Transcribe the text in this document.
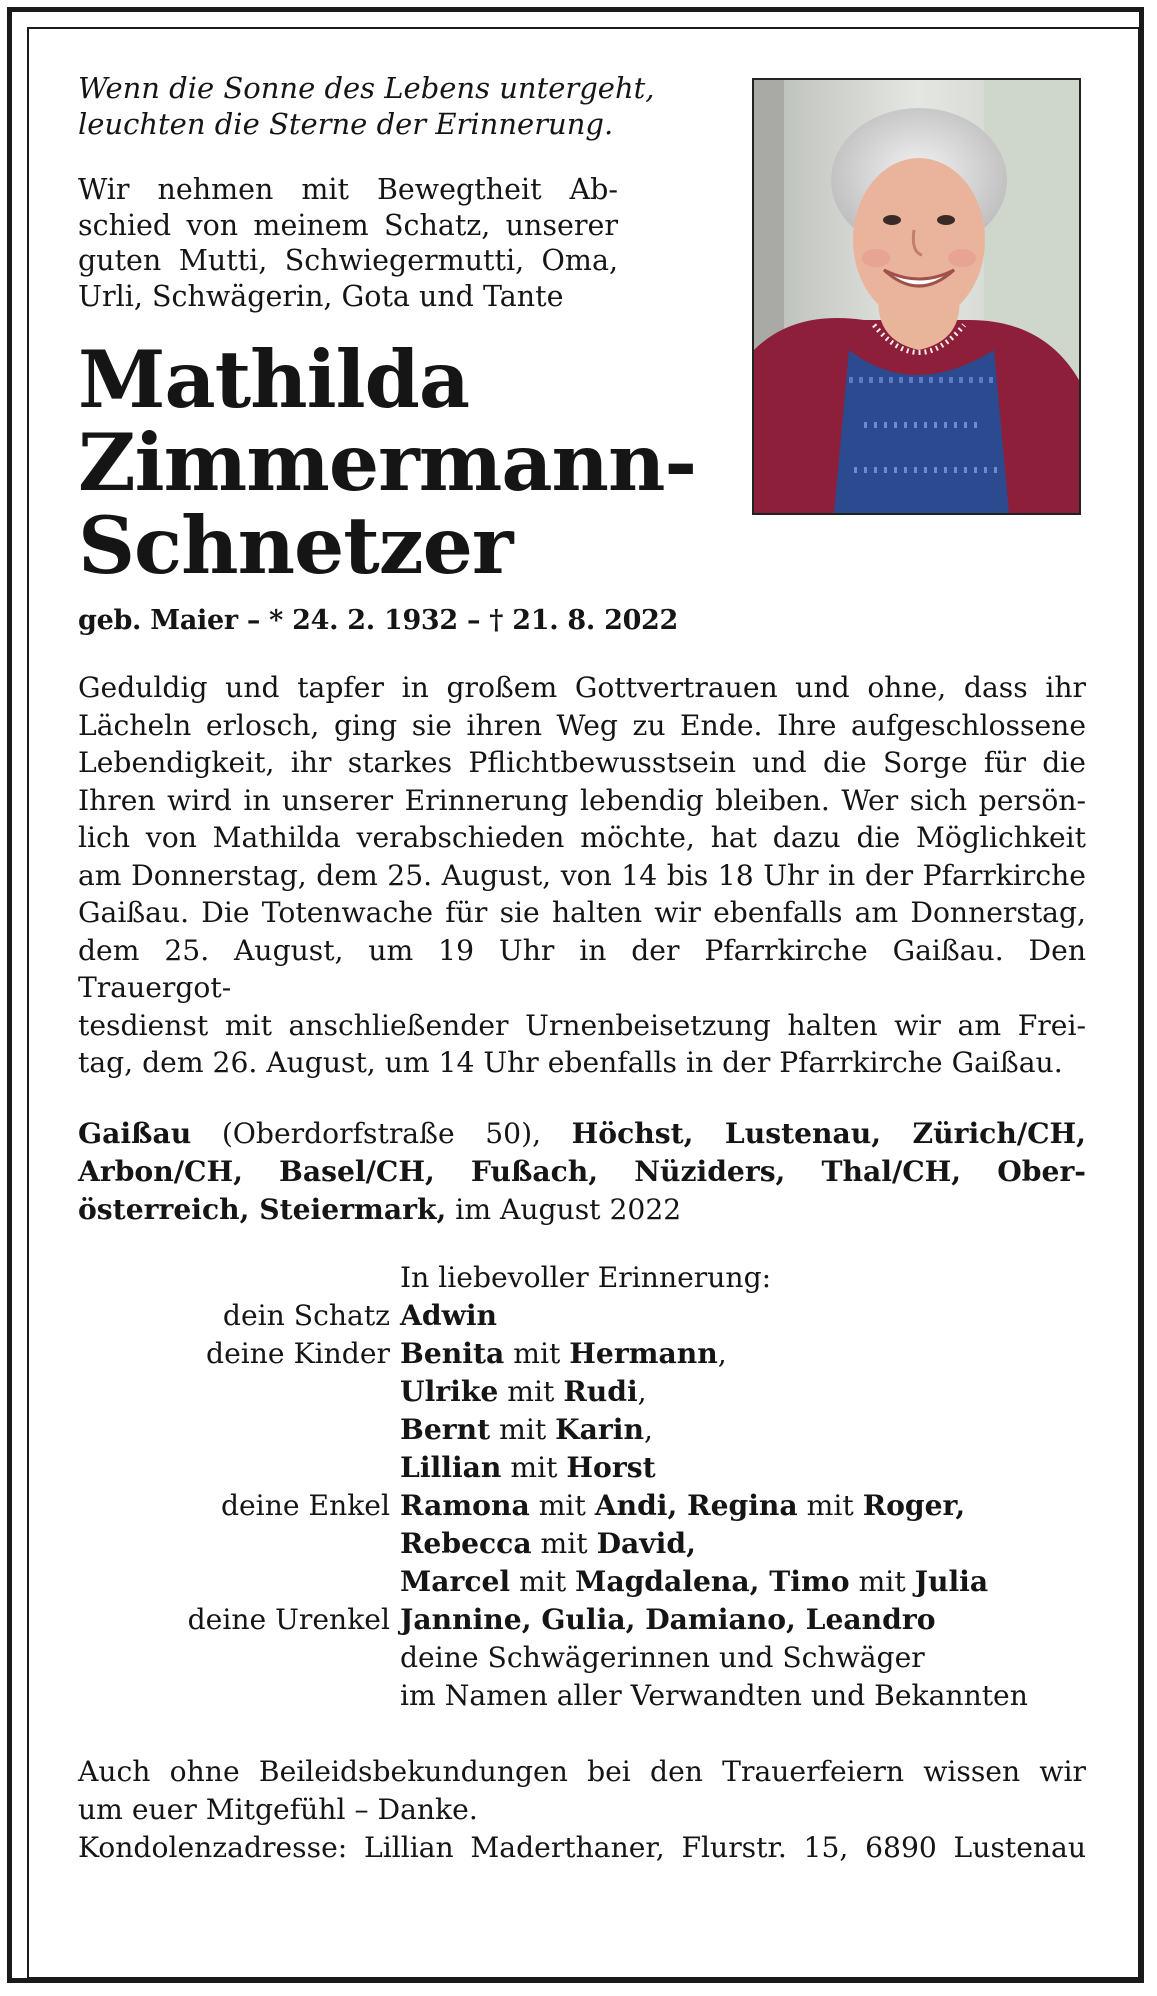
Wenn die Sonne des Lebens untergeht,
leuchten die Sterne der Erinnerung.
Wir nehmen mit Bewegtheit Ab-
schied von meinem Schatz, unserer
guten Mutti, Schwiegermutti, Oma,
Urli, Schwägerin, Gota und Tante
Mathilda
Zimmermann-
Schnetzer
geb. Maier – * 24. 2. 1932 – † 21. 8. 2022
Geduldig und tapfer in großem Gottvertrauen und ohne, dass ihr
Lächeln erlosch, ging sie ihren Weg zu Ende. Ihre aufgeschlossene
Lebendigkeit, ihr starkes Pflichtbewusstsein und die Sorge für die
Ihren wird in unserer Erinnerung lebendig bleiben. Wer sich persön-
lich von Mathilda verabschieden möchte, hat dazu die Möglichkeit
am Donnerstag, dem 25. August, von 14 bis 18 Uhr in der Pfarrkirche
Gaißau. Die Totenwache für sie halten wir ebenfalls am Donnerstag,
dem 25. August, um 19 Uhr in der Pfarrkirche Gaißau. Den Trauergot-
tesdienst mit anschließender Urnenbeisetzung halten wir am Frei-
tag, dem 26. August, um 14 Uhr ebenfalls in der Pfarrkirche Gaißau.
Gaißau (Oberdorfstraße 50), Höchst, Lustenau, Zürich/CH,
Arbon/CH, Basel/CH, Fußach, Nüziders, Thal/CH, Ober-
österreich, Steiermark, im August 2022
In liebevoller Erinnerung:
dein Schatz Adwin
deine Kinder Benita mit Hermann,
Ulrike mit Rudi,
Bernt mit Karin,
Lillian mit Horst
deine Enkel Ramona mit Andi, Regina mit Roger,
Rebecca mit David,
Marcel mit Magdalena, Timo mit Julia
deine Urenkel Jannine, Gulia, Damiano, Leandro
deine Schwägerinnen und Schwäger
im Namen aller Verwandten und Bekannten
Auch ohne Beileidsbekundungen bei den Trauerfeiern wissen wir
um euer Mitgefühl – Danke.
Kondolenzadresse: Lillian Maderthaner, Flurstr. 15, 6890 Lustenau
